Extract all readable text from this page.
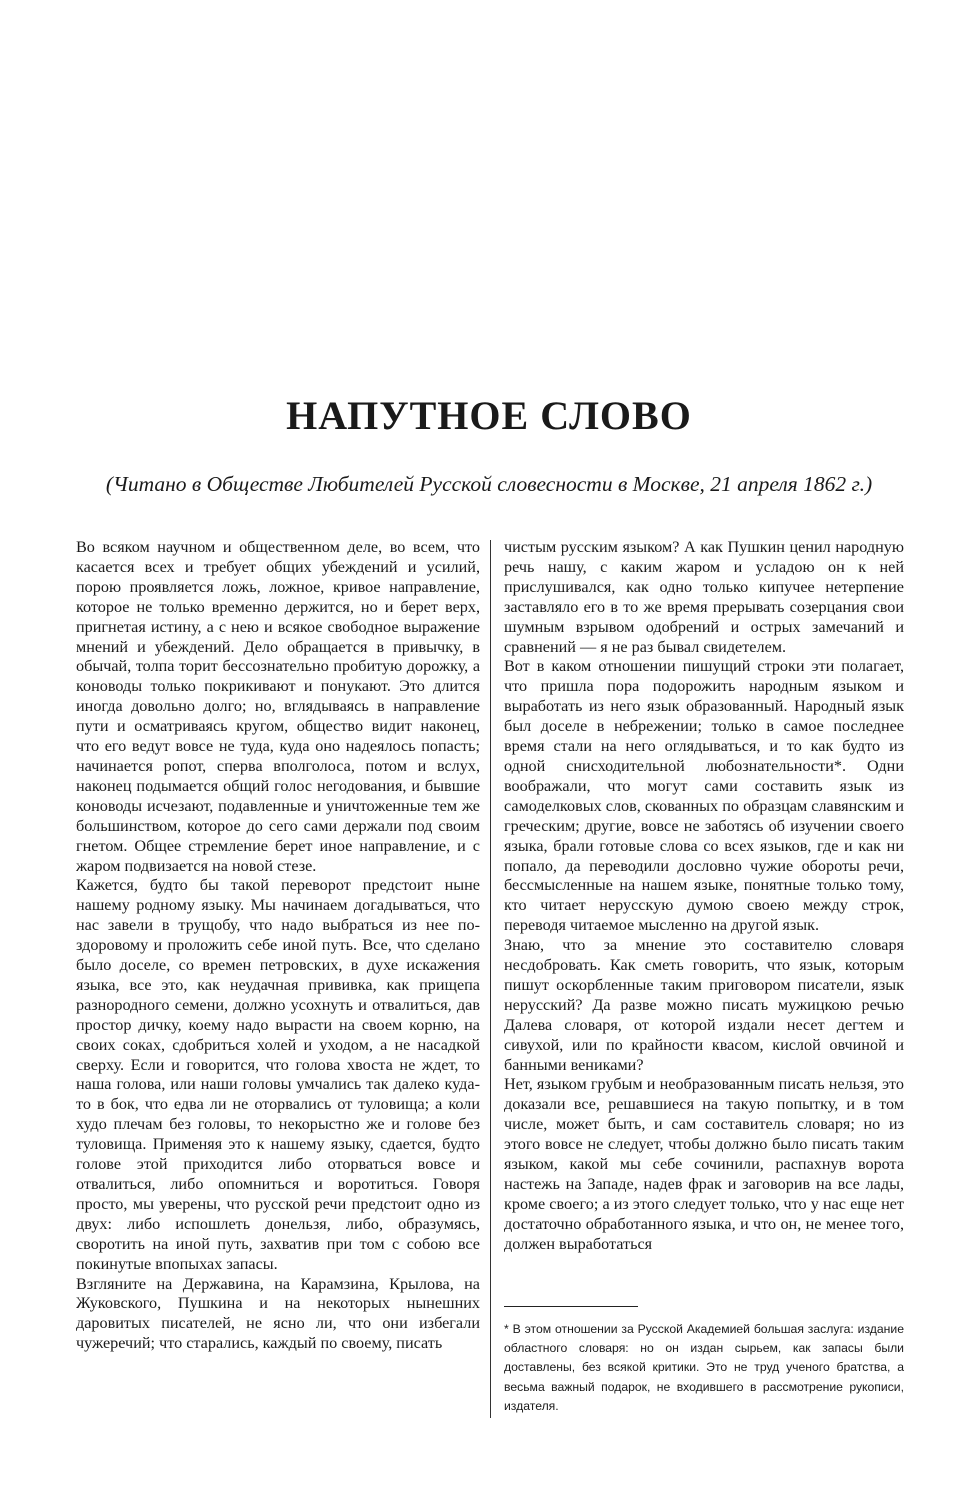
НАПУТНОЕ СЛОВО

(Читано в Обществе Любителей Русской словесности в Москве, 21 апреля 1862 г.)

Во всяком научном и общественном деле, во всем, что касается всех и требует общих убеждений и усилий, порою проявляется ложь, ложное, кривое направление, которое не только временно держится, но и берет верх, пригнетая истину, а с нею и всякое свободное выражение мнений и убеждений. Дело обращается в привычку, в обычай, толпа торит бессознательно пробитую дорожку, а коноводы только покрикивают и понукают. Это длится иногда довольно долго; но, вглядываясь в направление пути и осматриваясь кругом, общество видит наконец, что его ведут вовсе не туда, куда оно надеялось попасть; начинается ропот, сперва вполголоса, потом и вслух, наконец подымается общий голос негодования, и бывшие коноводы исчезают, подавленные и уничтоженные тем же большинством, которое до сего сами держали под своим гнетом. Общее стремление берет иное направление, и с жаром подвизается на новой стезе.

Кажется, будто бы такой переворот предстоит ныне нашему родному языку. Мы начинаем догадываться, что нас завели в трущобу, что надо выбраться из нее по-здоровому и проложить себе иной путь. Все, что сделано было доселе, со времен петровских, в духе искажения языка, все это, как неудачная прививка, как прищепа разнородного семени, должно усохнуть и отвалиться, дав простор дичку, коему надо вырасти на своем корню, на своих соках, сдобриться холей и уходом, а не насадкой сверху. Если и говорится, что голова хвоста не ждет, то наша голова, или наши головы умчались так далеко куда-то в бок, что едва ли не оторвались от туловища; а коли худо плечам без головы, то некорыстно же и голове без туловища. Применяя это к нашему языку, сдается, будто голове этой приходится либо оторваться вовсе и отвалиться, либо опомниться и воротиться. Говоря просто, мы уверены, что русской речи предстоит одно из двух: либо испошлеть донельзя, либо, образумясь, своротить на иной путь, захватив при том с собою все покинутые впопыхах запасы.

Взгляните на Державина, на Карамзина, Крылова, на Жуковского, Пушкина и на некоторых нынешних даровитых писателей, не ясно ли, что они избегали чужеречий; что старались, каждый по своему, писать

чистым русским языком? А как Пушкин ценил народную речь нашу, с каким жаром и усладою он к ней прислушивался, как одно только кипучее нетерпение заставляло его в то же время прерывать созерцания свои шумным взрывом одобрений и острых замечаний и сравнений — я не раз бывал свидетелем.

Вот в каком отношении пишущий строки эти полагает, что пришла пора подорожить народным языком и выработать из него язык образованный. Народный язык был доселе в небрежении; только в самое последнее время стали на него оглядываться, и то как будто из одной снисходительной любознательности*. Одни воображали, что могут сами составить язык из самоделковых слов, скованных по образцам славянским и греческим; другие, вовсе не заботясь об изучении своего языка, брали готовые слова со всех языков, где и как ни попало, да переводили дословно чужие обороты речи, бессмысленные на нашем языке, понятные только тому, кто читает нерусскую думою своею между строк, переводя читаемое мысленно на другой язык.

Знаю, что за мнение это составителю словаря несдобровать. Как сметь говорить, что язык, которым пишут оскорбленные таким приговором писатели, язык нерусский? Да разве можно писать мужицкою речью Далева словаря, от которой издали несет дегтем и сивухой, или по крайности квасом, кислой овчиной и банными вениками?

Нет, языком грубым и необразованным писать нельзя, это доказали все, решавшиеся на такую попытку, и в том числе, может быть, и сам составитель словаря; но из этого вовсе не следует, чтобы должно было писать таким языком, какой мы себе сочинили, распахнув ворота настежь на Западе, надев фрак и заговорив на все лады, кроме своего; а из этого следует только, что у нас еще нет достаточно обработанного языка, и что он, не менее того, должен выработаться

* В этом отношении за Русской Академией большая заслуга: издание областного словаря: но он издан сырьем, как запасы были доставлены, без всякой критики. Это не труд ученого братства, а весьма важный подарок, не входившего в рассмотрение рукописи, издателя.
